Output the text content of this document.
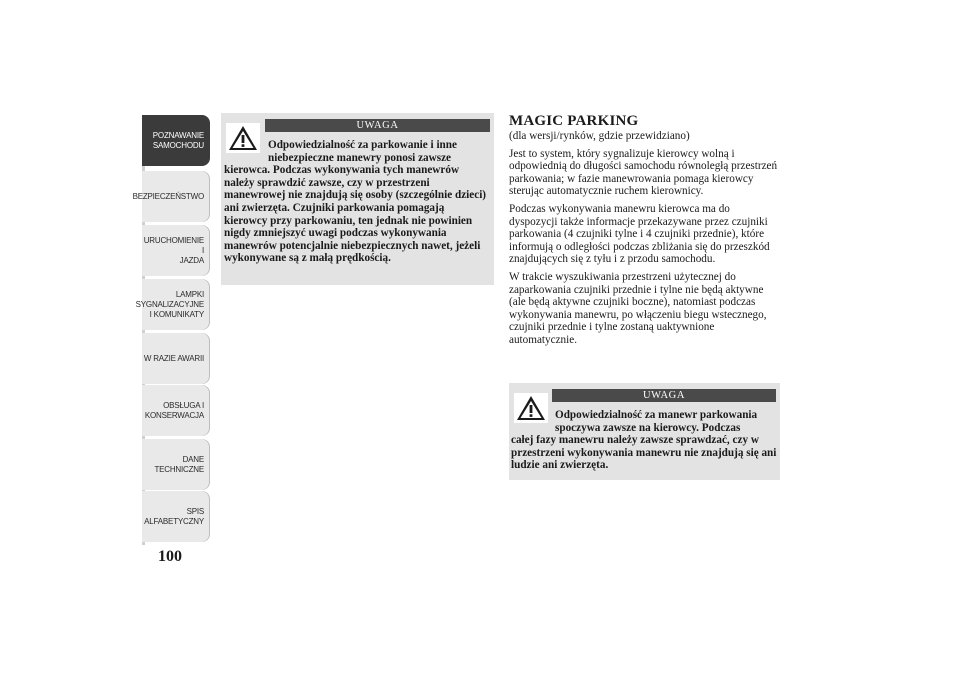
POZNAWANIE
SAMOCHODU
BEZPIECZEŃSTWO
URUCHOMIENIE I
JAZDA
LAMPKI
SYGNALIZACYJNE
I KOMUNIKATY
W RAZIE AWARII
OBSŁUGA I
KONSERWACJA
DANE
TECHNICZNE
SPIS
ALFABETYCZNY
100
UWAGA
Odpowiedzialność za parkowanie i inne niebezpieczne manewry ponosi zawsze
kierowca. Podczas wykonywania tych manewrów należy sprawdzić zawsze, czy w przestrzeni manewrowej nie znajdują się osoby (szczególnie dzieci) ani zwierzęta. Czujniki parkowania pomagają kierowcy przy parkowaniu, ten jednak nie powinien nigdy zmniejszyć uwagi podczas wykonywania manewrów potencjalnie niebezpiecznych nawet, jeżeli wykonywane są z małą prędkością.
MAGIC PARKING

(dla wersji/rynków, gdzie przewidziano)

Jest to system, który sygnalizuje kierowcy wolną i odpowiednią do długości samochodu równoległą przestrzeń parkowania; w fazie manewrowania pomaga kierowcy sterując automatycznie ruchem kierownicy.

Podczas wykonywania manewru kierowca ma do dyspozycji także informacje przekazywane przez czujniki parkowania (4 czujniki tylne i 4 czujniki przednie), które informują o odległości podczas zbliżania się do przeszkód znajdujących się z tyłu i z przodu samochodu.

W trakcie wyszukiwania przestrzeni użytecznej do zaparkowania czujniki przednie i tylne nie będą aktywne (ale będą aktywne czujniki boczne), natomiast podczas wykonywania manewru, po włączeniu biegu wstecznego, czujniki przednie i tylne zostaną uaktywnione automatycznie.

UWAGA
Odpowiedzialność za manewr parkowania spoczywa zawsze na kierowcy. Podczas
całej fazy manewru należy zawsze sprawdzać, czy w przestrzeni wykonywania manewru nie znajdują się ani ludzie ani zwierzęta.
